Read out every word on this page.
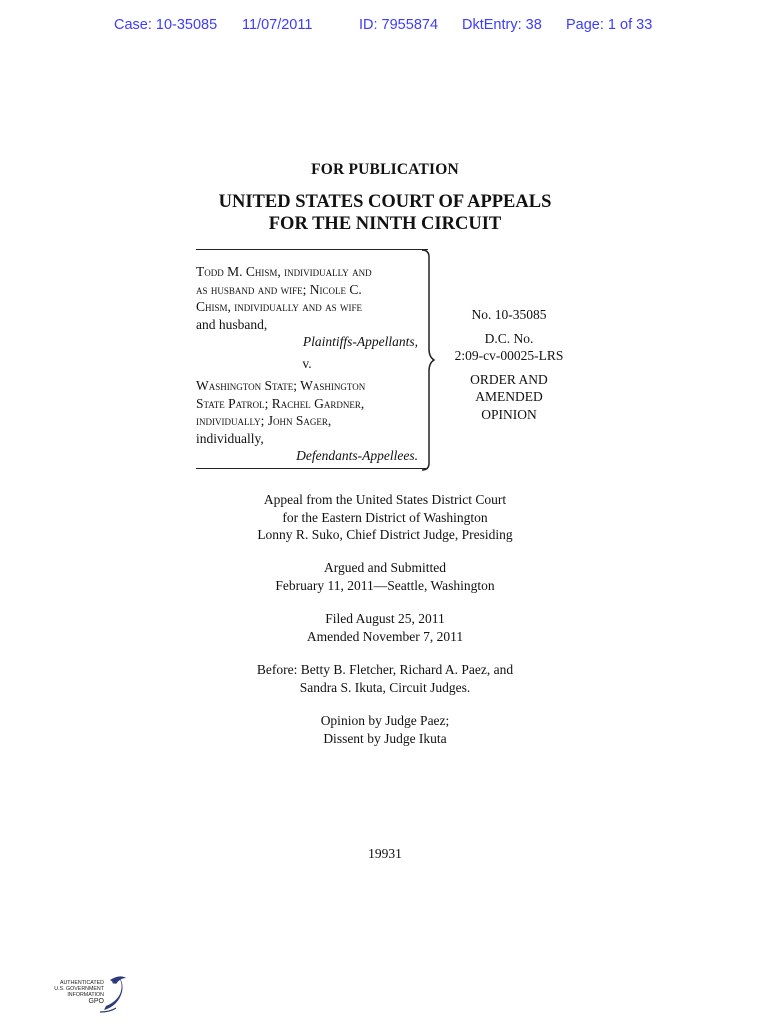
Case: 10-35085 11/07/2011	ID: 7955874 DktEntry: 38 Page: 1 of 33
FOR PUBLICATION
UNITED STATES COURT OF APPEALS
FOR THE NINTH CIRCUIT
Todd M. Chism, individually and
as husband and wife; Nicole C.
Chism, individually and as wife
and husband,
Plaintiffs-Appellants,
v.
Washington State; Washington
State Patrol; Rachel Gardner,
individually; John Sager,
individually,
Defendants-Appellees.
No. 10-35085
D.C. No.
2:09-cv-00025-LRS
ORDER AND
AMENDED
OPINION
Appeal from the United States District Court
for the Eastern District of Washington
Lonny R. Suko, Chief District Judge, Presiding
Argued and Submitted
February 11, 2011—Seattle, Washington
Filed August 25, 2011
Amended November 7, 2011
Before: Betty B. Fletcher, Richard A. Paez, and
Sandra S. Ikuta, Circuit Judges.
Opinion by Judge Paez;
Dissent by Judge Ikuta
19931
AUTHENTICATED
U.S. GOVERNMENT
INFORMATION
GPO
